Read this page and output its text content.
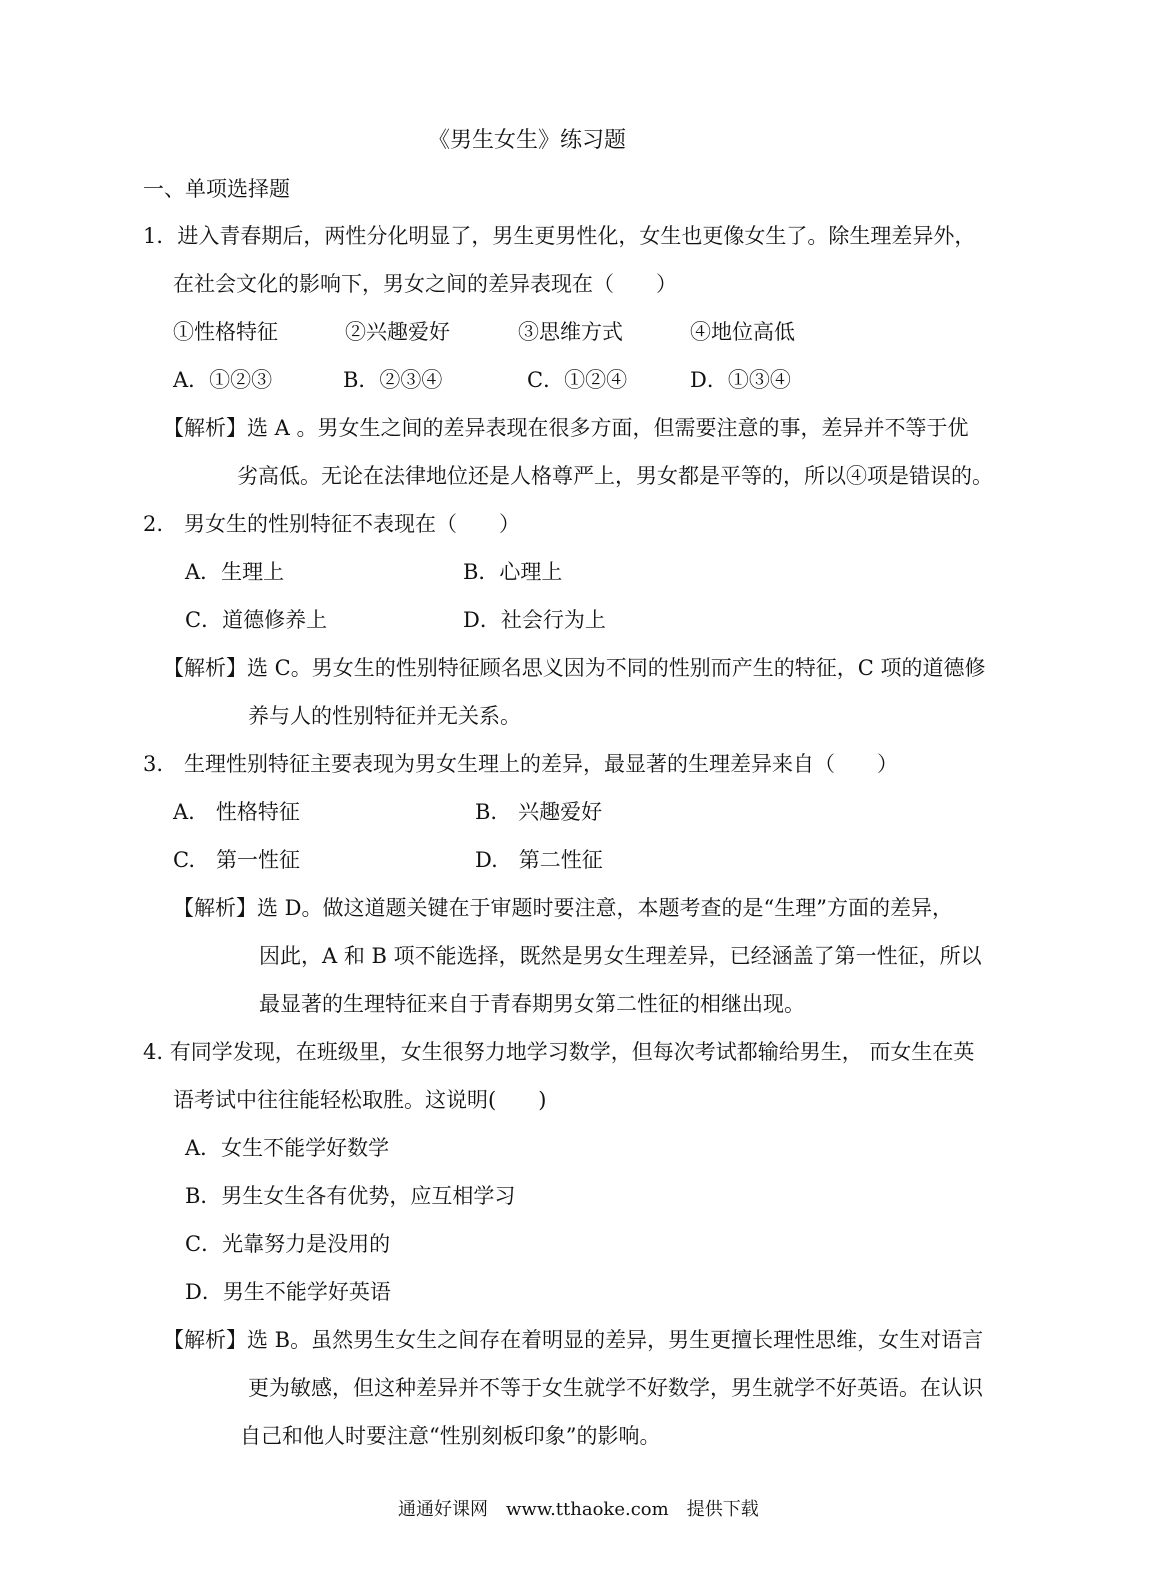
《男生女生》练习题
一、单项选择题
1．进入青春期后，两性分化明显了，男生更男性化，女生也更像女生了。除生理差异外，
在社会文化的影响下，男女之间的差异表现在（　　）
①性格特征	②兴趣爱好	③思维方式	④地位高低
A．①②③	B．②③④	C．①②④	D．①③④
【解析】选 A 。男女生之间的差异表现在很多方面，但需要注意的事，差异并不等于优
劣高低。无论在法律地位还是人格尊严上，男女都是平等的，所以④项是错误的。
2.　男女生的性别特征不表现在（　　）
A．生理上	B．心理上
C．道德修养上	D．社会行为上
【解析】选 C。男女生的性别特征顾名思义因为不同的性别而产生的特征，C 项的道德修
养与人的性别特征并无关系。
3.　生理性别特征主要表现为男女生理上的差异，最显著的生理差异来自（　　）
A.　性格特征	B.　兴趣爱好
C.　第一性征	D.　第二性征
【解析】选 D。做这道题关键在于审题时要注意，本题考查的是“生理”方面的差异，
因此，A 和 B 项不能选择，既然是男女生理差异，已经涵盖了第一性征，所以
最显著的生理特征来自于青春期男女第二性征的相继出现。
4. 有同学发现，在班级里，女生很努力地学习数学，但每次考试都输给男生， 而女生在英
语考试中往往能轻松取胜。这说明(　　)
A．女生不能学好数学
B．男生女生各有优势，应互相学习
C．光靠努力是没用的
D．男生不能学好英语
【解析】选 B。虽然男生女生之间存在着明显的差异，男生更擅长理性思维，女生对语言
更为敏感，但这种差异并不等于女生就学不好数学，男生就学不好英语。在认识
自己和他人时要注意“性别刻板印象”的影响。
通通好课网　www.tthaoke.com　提供下载
